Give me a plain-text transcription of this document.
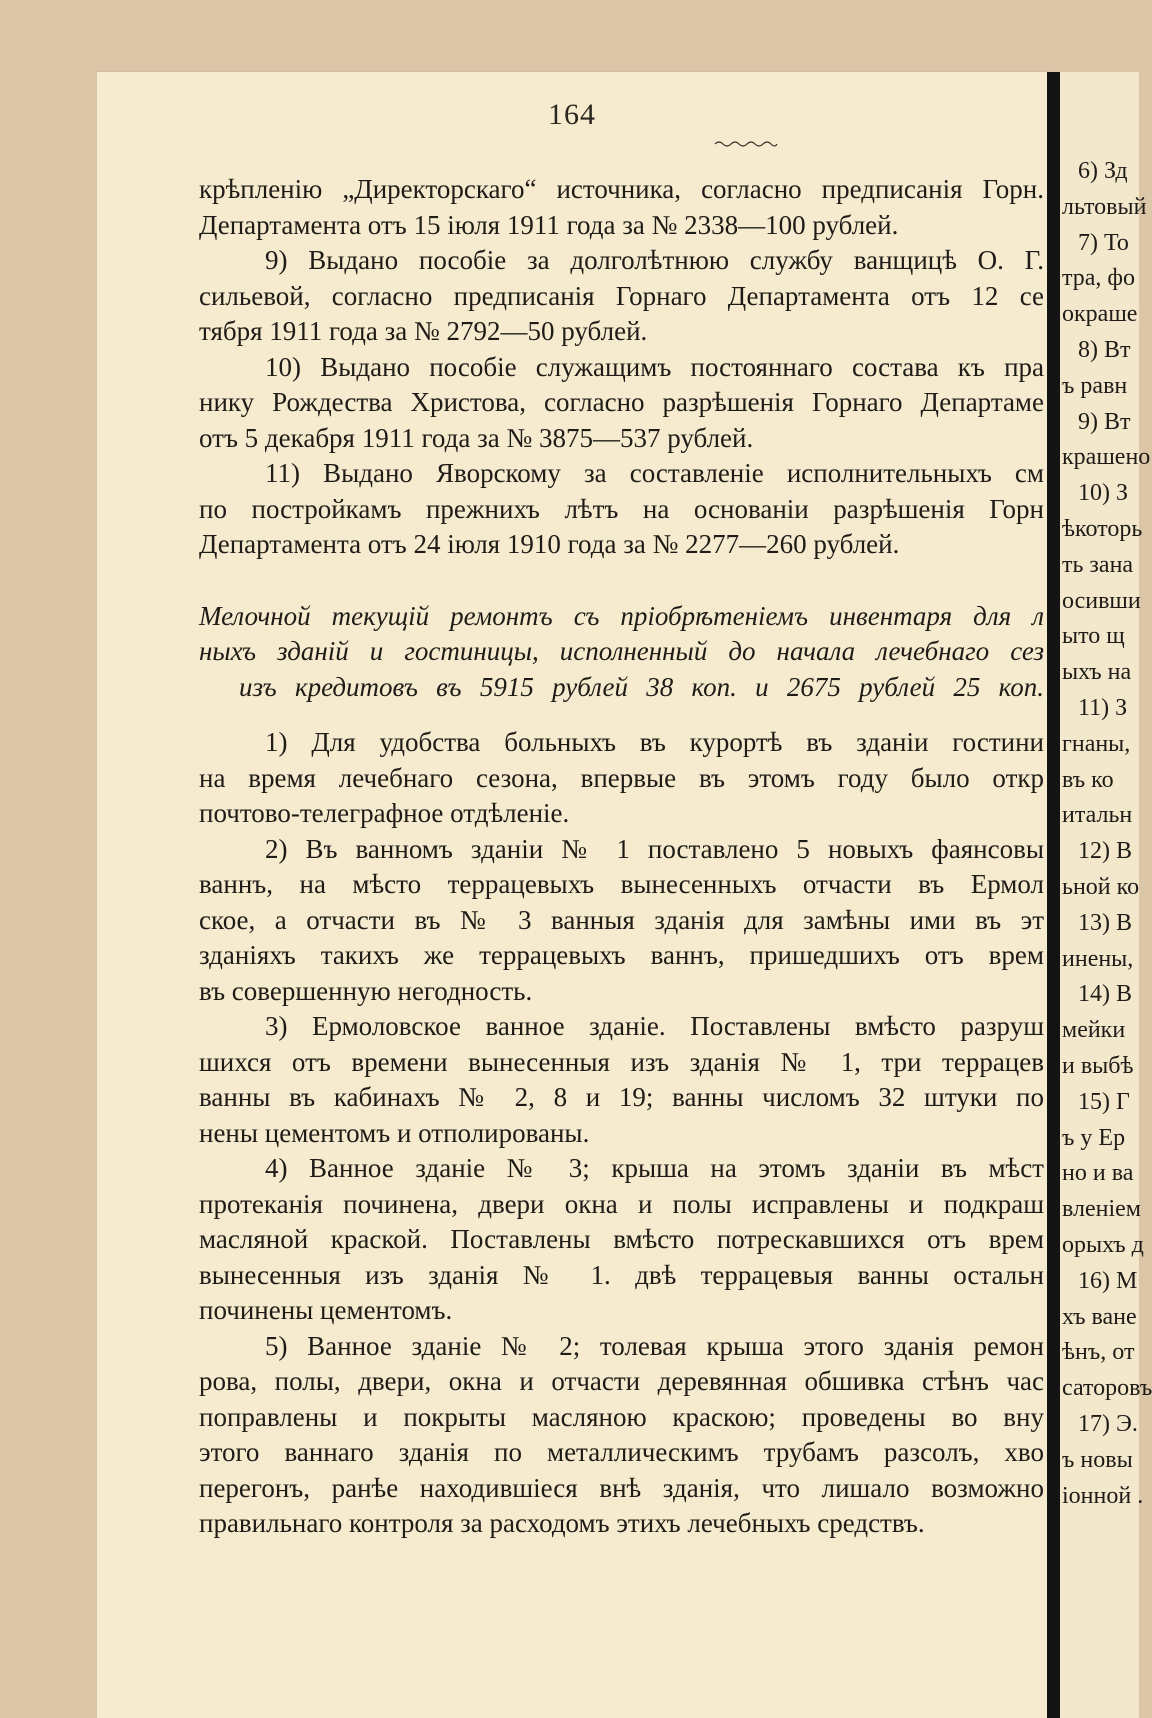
164

крѣпленію „Директорскаго“ источника, согласно предписанія Горн.

Департамента отъ 15 іюля 1911 года за № 2338—100 рублей.

9) Выдано пособіе за долголѣтнюю службу ванщицѣ О. Г.

сильевой, согласно предписанія Горнаго Департамента отъ 12 се

тября 1911 года за № 2792—50 рублей.

10) Выдано пособіе служащимъ постояннаго состава къ пра

нику Рождества Христова, согласно разрѣшенія Горнаго Департаме

отъ 5 декабря 1911 года за № 3875—537 рублей.

11) Выдано Яворскому за составленіе исполнительныхъ см

по постройкамъ прежнихъ лѣтъ на основаніи разрѣшенія Горн

Департамента отъ 24 іюля 1910 года за № 2277—260 рублей.

Мелочной текущій ремонтъ съ пріобрѣтеніемъ инвентаря для л

ныхъ зданій и гостиницы, исполненный до начала лечебнаго сез

изъ кредитовъ въ 5915 рублей 38 коп. и 2675 рублей 25 коп.

1) Для удобства больныхъ въ курортѣ въ зданіи гостини

на время лечебнаго сезона, впервые въ этомъ году было откр

почтово-телеграфное отдѣленіе.

2) Въ ванномъ зданіи № 1 поставлено 5 новыхъ фаянсовы

ваннъ, на мѣсто террацевыхъ вынесенныхъ отчасти въ Ермол

ское, а отчасти въ № 3 ванныя зданія для замѣны ими въ эт

зданіяхъ такихъ же террацевыхъ ваннъ, пришедшихъ отъ врем

въ совершенную негодность.

3) Ермоловское ванное зданіе. Поставлены вмѣсто разруш

шихся отъ времени вынесенныя изъ зданія № 1, три террацев

ванны въ кабинахъ № 2, 8 и 19; ванны числомъ 32 штуки по

нены цементомъ и отполированы.

4) Ванное зданіе № 3; крыша на этомъ зданіи въ мѣст

протеканія починена, двери окна и полы исправлены и подкраш

масляной краской. Поставлены вмѣсто потрескавшихся отъ врем

вынесенныя изъ зданія № 1. двѣ террацевыя ванны остальн

починены цементомъ.

5) Ванное зданіе № 2; толевая крыша этого зданія ремон

рова, полы, двери, окна и отчасти деревянная обшивка стѣнъ час

поправлены и покрыты масляною краскою; проведены во вну

этого ваннаго зданія по металлическимъ трубамъ разсолъ, хво

перегонъ, ранѣе находившіеся внѣ зданія, что лишало возможно

правильнаго контроля за расходомъ этихъ лечебныхъ средствъ.

6) Зд
льтовый
7) То
тра, фо
окраше
8) Вт
ъ равн
9) Вт
крашено
10) З
ѣкоторь
ть зана
осивши
ыто щ
ыхъ на
11) З
гнаны,
въ ко
итальн
12) В
ьной ко
13) В
инены,
14) В
мейки
и выбѣ
15) Г
ъ у Ер
но и ва
вленіем
орыхъ д
16) М
хъ ване
ѣнъ, от
саторовъ
17) Э.
ъ новы
іонной .
